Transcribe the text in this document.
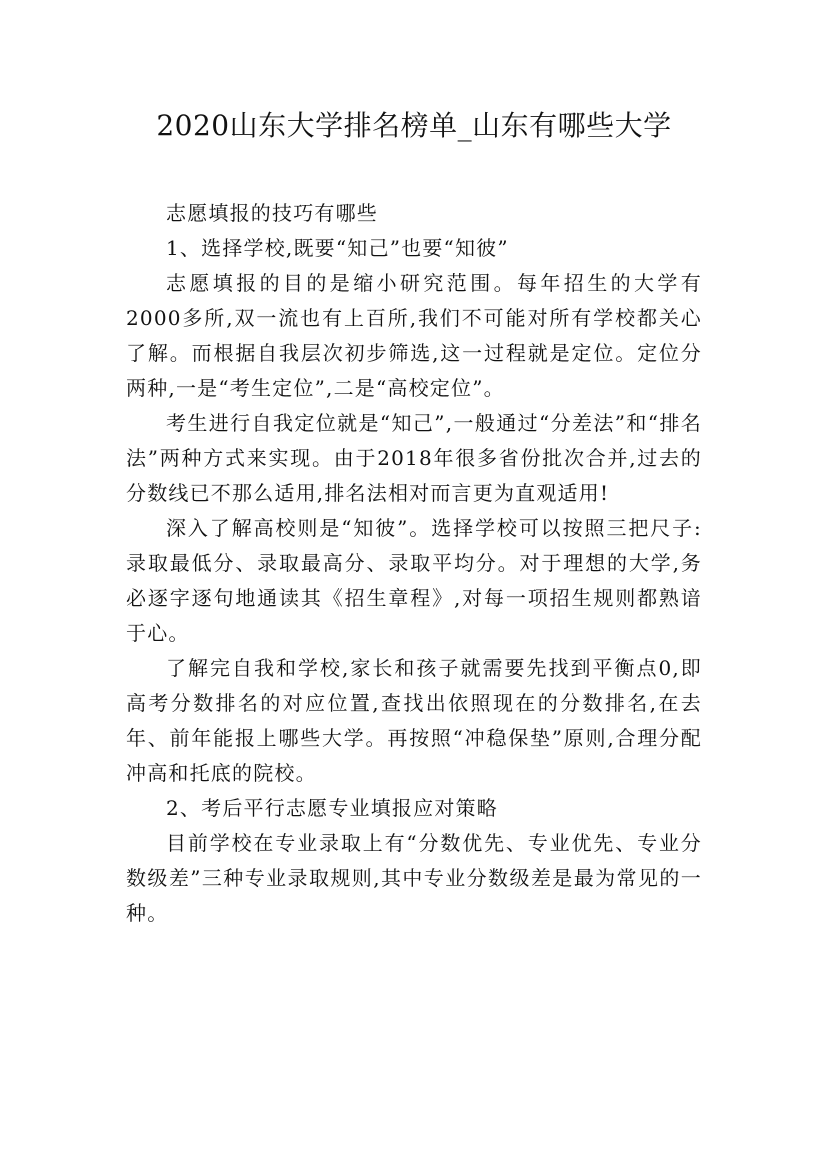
2020山东大学排名榜单_山东有哪些大学

志愿填报的技巧有哪些

1、选择学校,既要“知己”也要“知彼”

志愿填报的目的是缩小研究范围。每年招生的大学有2000多所,双一流也有上百所,我们不可能对所有学校都关心了解。而根据自我层次初步筛选,这一过程就是定位。定位分两种,一是“考生定位”,二是“高校定位”。

考生进行自我定位就是“知己”,一般通过“分差法”和“排名法”两种方式来实现。由于2018年很多省份批次合并,过去的分数线已不那么适用,排名法相对而言更为直观适用!

深入了解高校则是“知彼”。选择学校可以按照三把尺子:录取最低分、录取最高分、录取平均分。对于理想的大学,务必逐字逐句地通读其《招生章程》,对每一项招生规则都熟谙于心。

了解完自我和学校,家长和孩子就需要先找到平衡点0,即高考分数排名的对应位置,查找出依照现在的分数排名,在去年、前年能报上哪些大学。再按照“冲稳保垫”原则,合理分配冲高和托底的院校。

2、考后平行志愿专业填报应对策略

目前学校在专业录取上有“分数优先、专业优先、专业分数级差”三种专业录取规则,其中专业分数级差是最为常见的一种。
